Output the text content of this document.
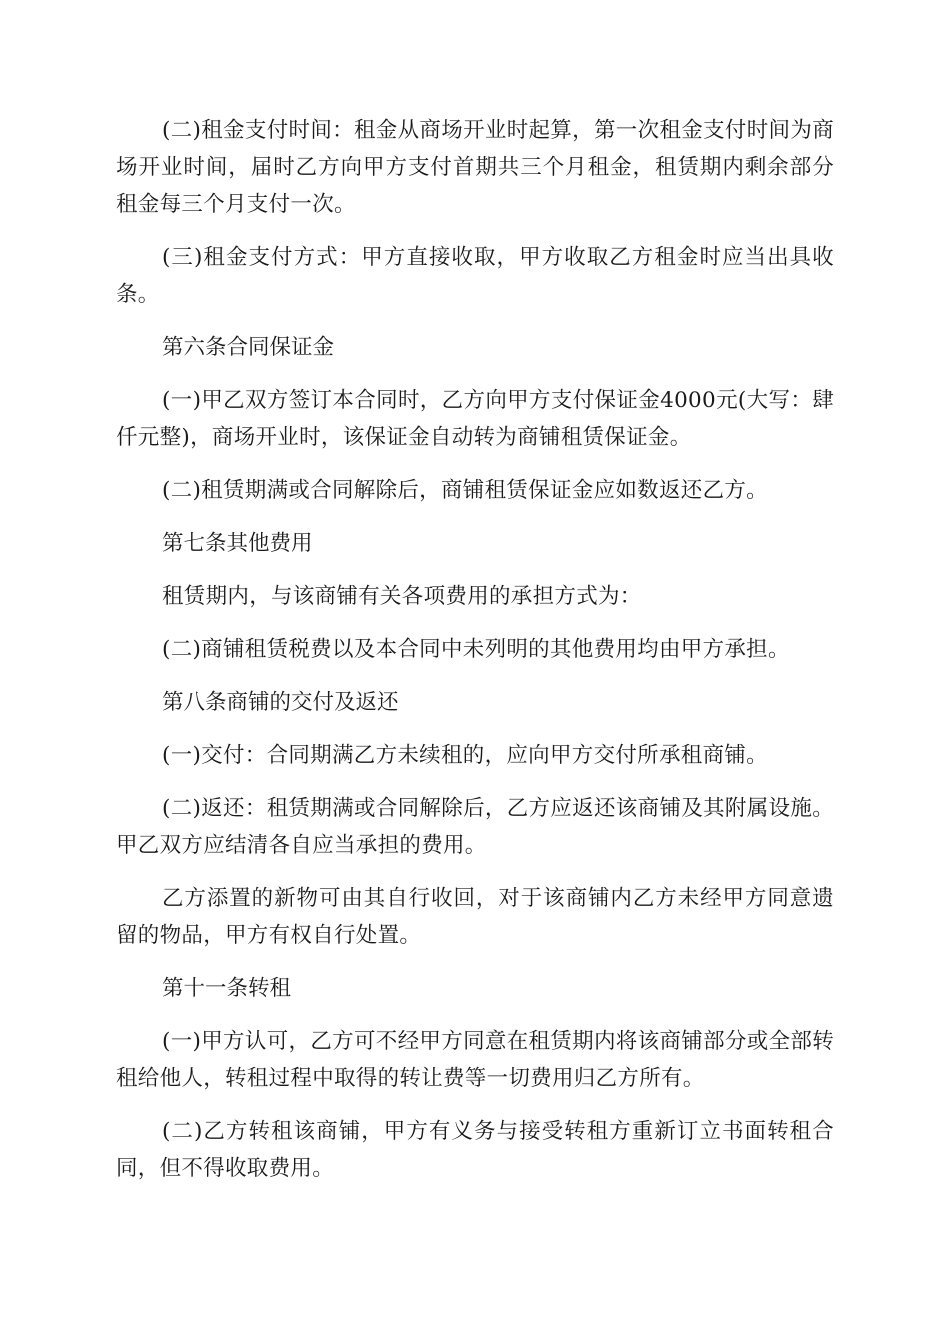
(二)租金支付时间：租金从商场开业时起算，第一次租金支付时间为商场开业时间，届时乙方向甲方支付首期共三个月租金，租赁期内剩余部分租金每三个月支付一次。

(三)租金支付方式：甲方直接收取，甲方收取乙方租金时应当出具收条。

第六条合同保证金

(一)甲乙双方签订本合同时，乙方向甲方支付保证金4000元(大写：肆仟元整)，商场开业时，该保证金自动转为商铺租赁保证金。

(二)租赁期满或合同解除后，商铺租赁保证金应如数返还乙方。

第七条其他费用

租赁期内，与该商铺有关各项费用的承担方式为：

(二)商铺租赁税费以及本合同中未列明的其他费用均由甲方承担。

第八条商铺的交付及返还

(一)交付：合同期满乙方未续租的，应向甲方交付所承租商铺。

(二)返还：租赁期满或合同解除后，乙方应返还该商铺及其附属设施。甲乙双方应结清各自应当承担的费用。

乙方添置的新物可由其自行收回，对于该商铺内乙方未经甲方同意遗留的物品，甲方有权自行处置。

第十一条转租

(一)甲方认可，乙方可不经甲方同意在租赁期内将该商铺部分或全部转租给他人，转租过程中取得的转让费等一切费用归乙方所有。

(二)乙方转租该商铺，甲方有义务与接受转租方重新订立书面转租合同，但不得收取费用。
